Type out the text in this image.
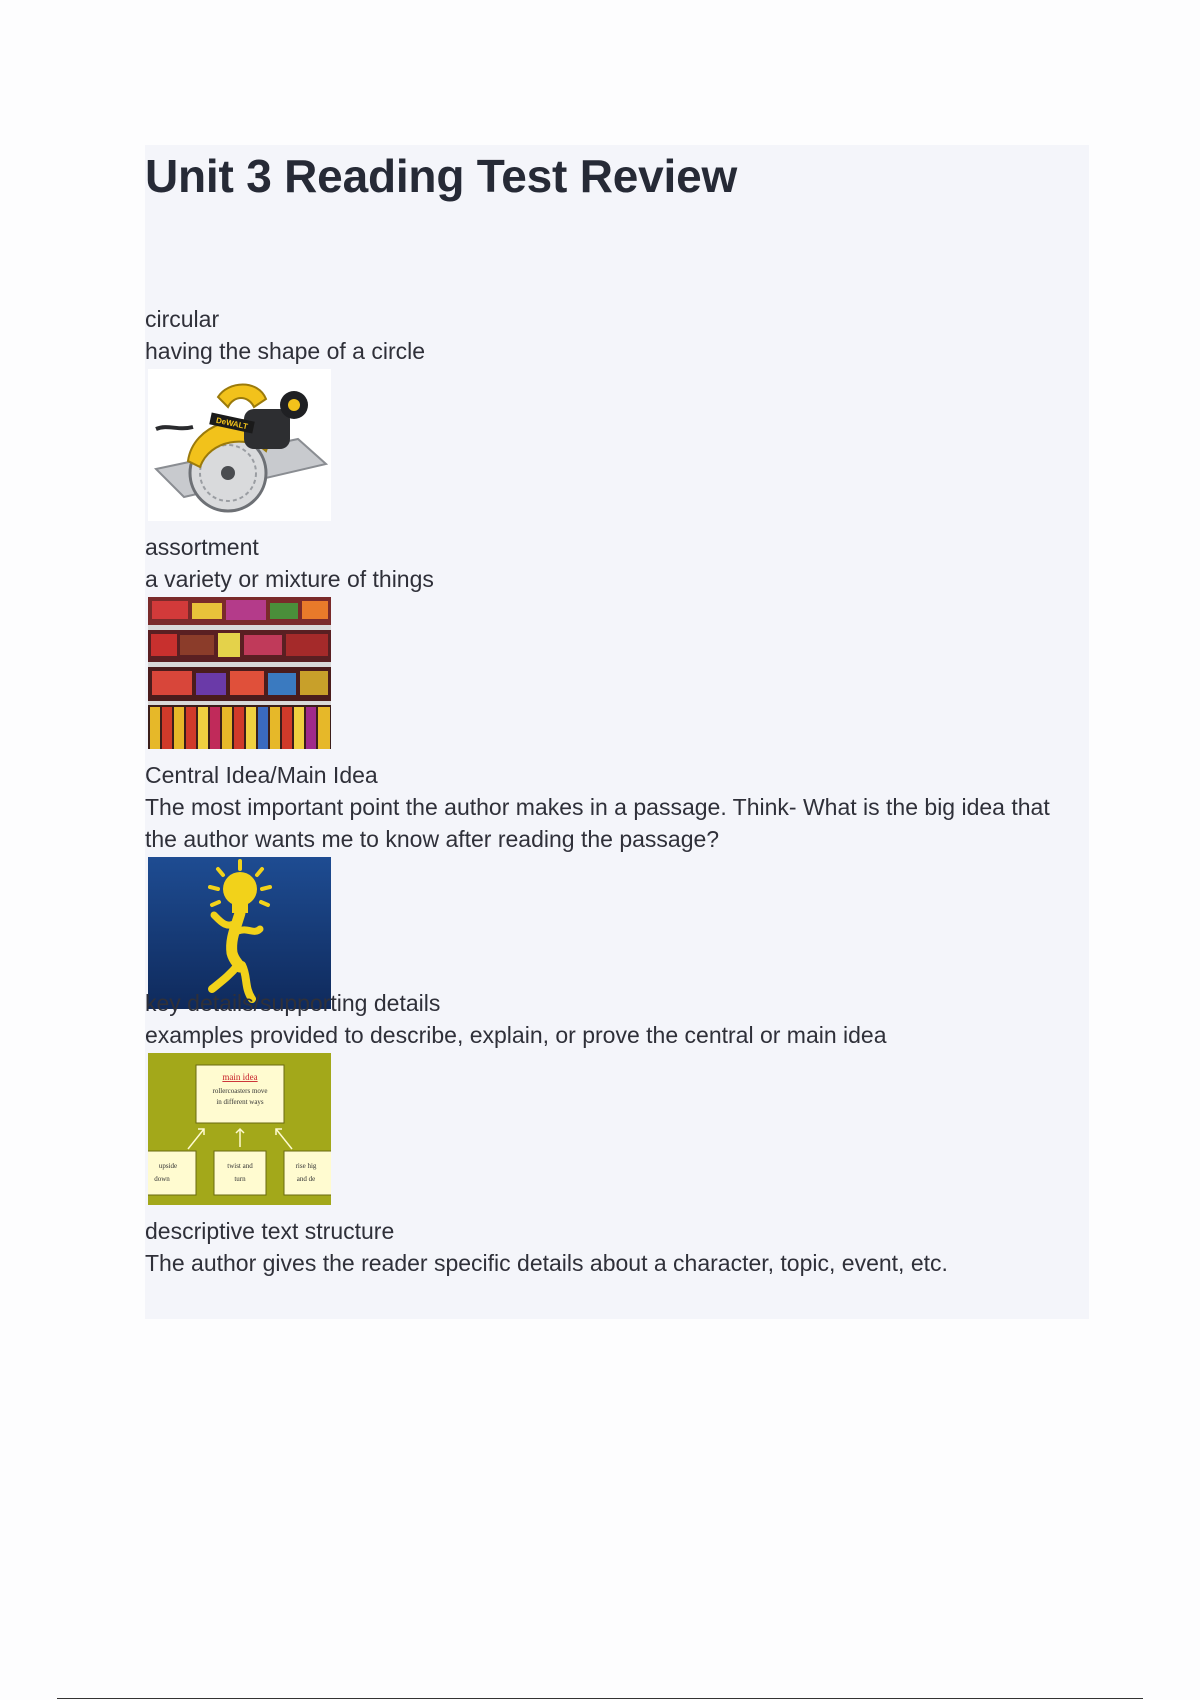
Unit 3 Reading Test Review
circular
having the shape of a circle
DeWALT
assortment
a variety or mixture of things
Central Idea/Main Idea
The most important point the author makes in a passage. Think- What is the big idea that the author wants me to know after reading the passage?
key details/supporting details
examples provided to describe, explain, or prove the central or main idea
main idea
rollercoasters move
in different ways
upside
down
twist and
turn
rise hig
and de
descriptive text structure
The author gives the reader specific details about a character, topic, event, etc.
